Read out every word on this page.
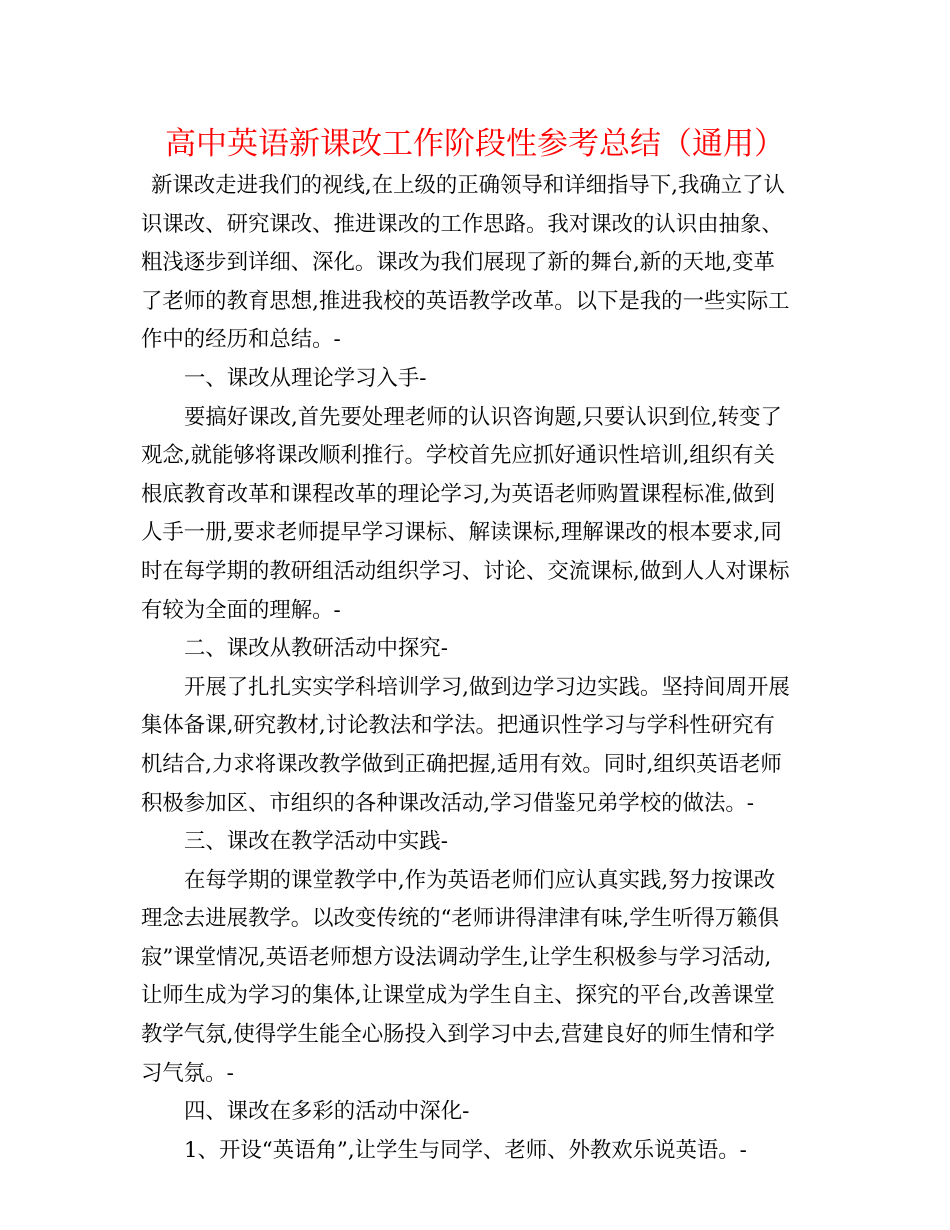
高中英语新课改工作阶段性参考总结（通用）
新课改走进我们的视线,在上级的正确领导和详细指导下,我确立了认
识课改、研究课改、推进课改的工作思路。我对课改的认识由抽象、
粗浅逐步到详细、深化。课改为我们展现了新的舞台,新的天地,变革
了老师的教育思想,推进我校的英语教学改革。以下是我的一些实际工
作中的经历和总结。-
一、课改从理论学习入手-
要搞好课改,首先要处理老师的认识咨询题,只要认识到位,转变了
观念,就能够将课改顺利推行。学校首先应抓好通识性培训,组织有关
根底教育改革和课程改革的理论学习,为英语老师购置课程标准,做到
人手一册,要求老师提早学习课标、解读课标,理解课改的根本要求,同
时在每学期的教研组活动组织学习、讨论、交流课标,做到人人对课标
有较为全面的理解。-
二、课改从教研活动中探究-
开展了扎扎实实学科培训学习,做到边学习边实践。坚持间周开展
集体备课,研究教材,讨论教法和学法。把通识性学习与学科性研究有
机结合,力求将课改教学做到正确把握,适用有效。同时,组织英语老师
积极参加区、市组织的各种课改活动,学习借鉴兄弟学校的做法。-
三、课改在教学活动中实践-
在每学期的课堂教学中,作为英语老师们应认真实践,努力按课改
理念去进展教学。以改变传统的“老师讲得津津有味,学生听得万籁俱
寂”课堂情况,英语老师想方设法调动学生,让学生积极参与学习活动,
让师生成为学习的集体,让课堂成为学生自主、探究的平台,改善课堂
教学气氛,使得学生能全心肠投入到学习中去,营建良好的师生情和学
习气氛。-
四、课改在多彩的活动中深化-
1、开设“英语角”,让学生与同学、老师、外教欢乐说英语。-
